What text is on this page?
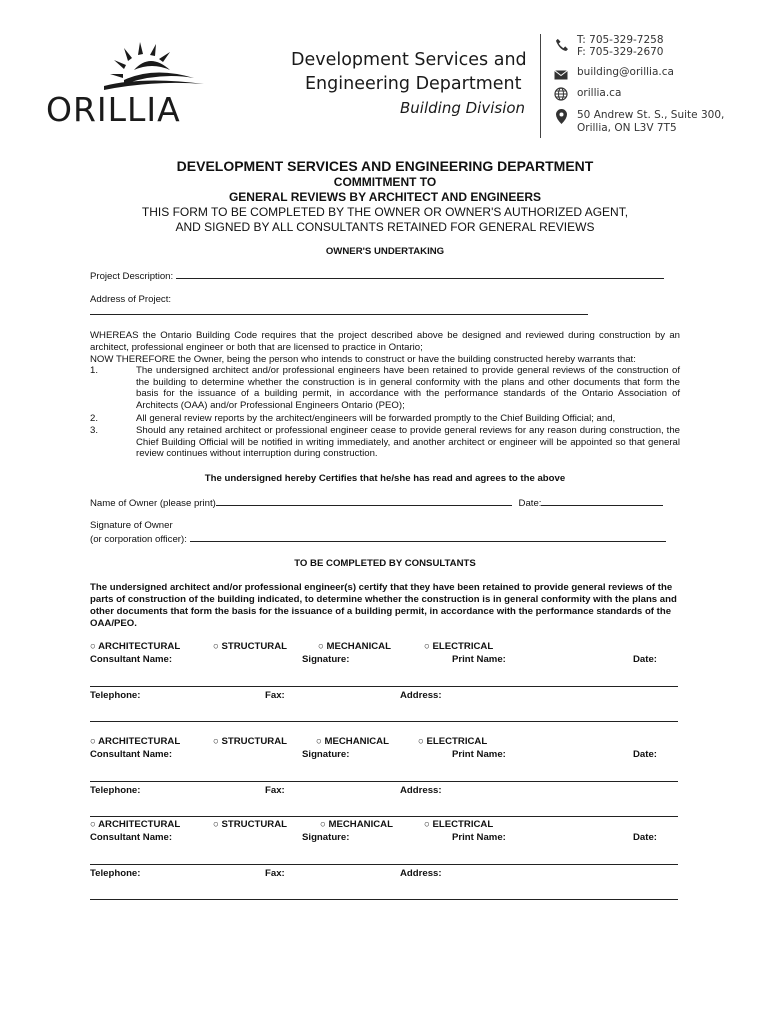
ORILLIA
Development Services and
Engineering Department
Building Division
T: 705-329-7258
F: 705-329-2670
building@orillia.ca
orillia.ca
50 Andrew St. S., Suite 300,
Orillia, ON L3V 7T5
DEVELOPMENT SERVICES AND ENGINEERING DEPARTMENT
COMMITMENT TO
GENERAL REVIEWS BY ARCHITECT AND ENGINEERS
THIS FORM TO BE COMPLETED BY THE OWNER OR OWNER'S AUTHORIZED AGENT,
AND SIGNED BY ALL CONSULTANTS RETAINED FOR GENERAL REVIEWS
OWNER'S UNDERTAKING
Project Description:
Address of Project:
WHEREAS the Ontario Building Code requires that the project described above be designed and reviewed during construction by an architect, professional engineer or both that are licensed to practice in Ontario;
NOW THEREFORE the Owner, being the person who intends to construct or have the building constructed hereby warrants that:
1.	The undersigned architect and/or professional engineers have been retained to provide general reviews of the construction of the building to determine whether the construction is in general conformity with the plans and other documents that form the basis for the issuance of a building permit, in accordance with the performance standards of the Ontario Association of Architects (OAA) and/or Professional Engineers Ontario (PEO);
2.	All general review reports by the architect/engineers will be forwarded promptly to the Chief Building Official; and,
3.	Should any retained architect or professional engineer cease to provide general reviews for any reason during construction, the Chief Building Official will be notified in writing immediately, and another architect or engineer will be appointed so that general review continues without interruption during construction.
The undersigned hereby Certifies that he/she has read and agrees to the above
Name of Owner (please print)	Date:
Signature of Owner
(or corporation officer):
TO BE COMPLETED BY CONSULTANTS
The undersigned architect and/or professional engineer(s) certify that they have been retained to provide general reviews of the parts of construction of the building indicated, to determine whether the construction is in general conformity with the plans and other documents that form the basis for the issuance of a building permit, in accordance with the performance standards of the OAA/PEO.
○ ARCHITECTURAL	○ STRUCTURAL	○ MECHANICAL	○ ELECTRICAL
Consultant Name:	Signature:	Print Name:	Date:
Telephone:	Fax:	Address:
○ ARCHITECTURAL	○ STRUCTURAL	○ MECHANICAL	○ ELECTRICAL
Consultant Name:	Signature:	Print Name:	Date:
Telephone:	Fax:	Address:
○ ARCHITECTURAL	○ STRUCTURAL	○ MECHANICAL	○ ELECTRICAL
Consultant Name:	Signature:	Print Name:	Date:
Telephone:	Fax:	Address:
